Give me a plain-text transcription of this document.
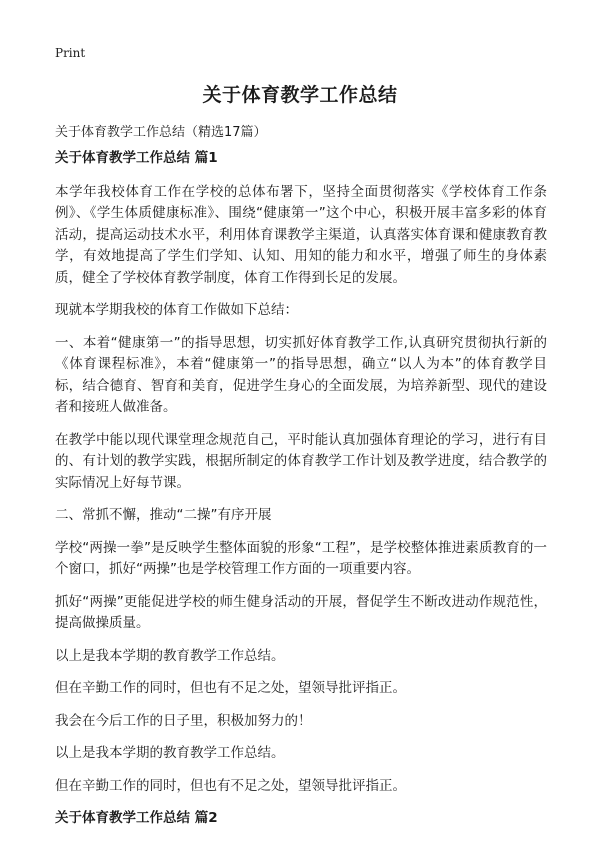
Print
关于体育教学工作总结

关于体育教学工作总结（精选17篇）

关于体育教学工作总结 篇1

本学年我校体育工作在学校的总体布署下，坚持全面贯彻落实《学校体育工作条例》、《学生体质健康标准》、围绕“健康第一”这个中心，积极开展丰富多彩的体育活动，提高运动技术水平，利用体育课教学主渠道，认真落实体育课和健康教育教学，有效地提高了学生们学知、认知、用知的能力和水平，增强了师生的身体素质，健全了学校体育教学制度，体育工作得到长足的发展。

现就本学期我校的体育工作做如下总结：

一、本着“健康第一”的指导思想，切实抓好体育教学工作,认真研究贯彻执行新的《体育课程标准》，本着“健康第一”的指导思想，确立“以人为本”的体育教学目标，结合德育、智育和美育，促进学生身心的全面发展，为培养新型、现代的建设者和接班人做准备。

在教学中能以现代课堂理念规范自己，平时能认真加强体育理论的学习，进行有目的、有计划的教学实践，根据所制定的体育教学工作计划及教学进度，结合教学的实际情况上好每节课。

二、常抓不懈，推动“二操”有序开展

学校“两操一拳”是反映学生整体面貌的形象“工程”，是学校整体推进素质教育的一个窗口，抓好“两操”也是学校管理工作方面的一项重要内容。

抓好“两操”更能促进学校的师生健身活动的开展，督促学生不断改进动作规范性，提高做操质量。

以上是我本学期的教育教学工作总结。

但在辛勤工作的同时，但也有不足之处，望领导批评指正。

我会在今后工作的日子里，积极加努力的！

以上是我本学期的教育教学工作总结。

但在辛勤工作的同时，但也有不足之处，望领导批评指正。

关于体育教学工作总结 篇2
